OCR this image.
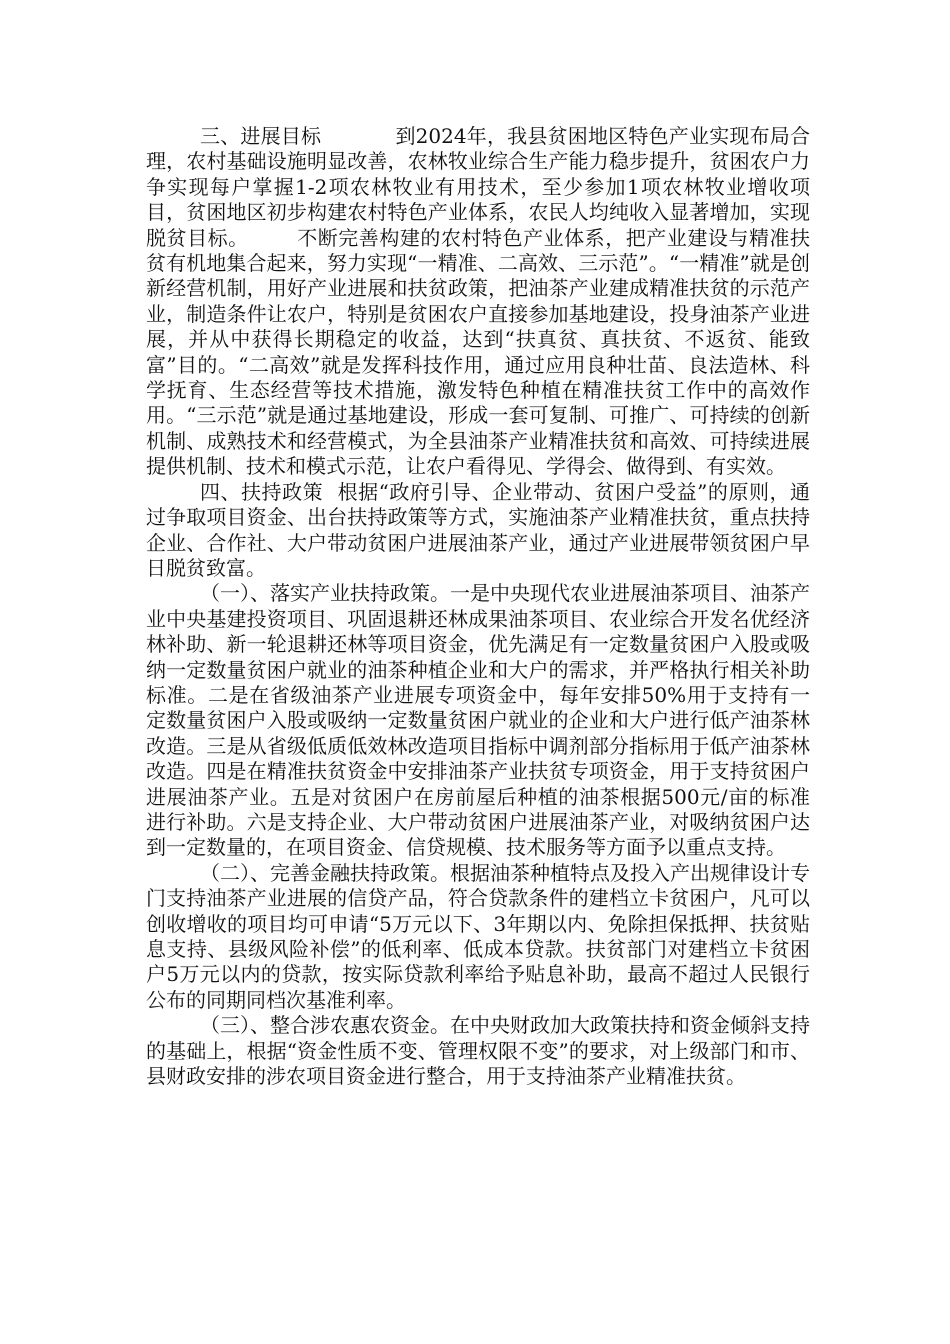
三、进展目标	到2024年，我县贫困地区特色产业实现布局合理，农村基础设施明显改善，农林牧业综合生产能力稳步提升，贫困农户力争实现每户掌握1-2项农林牧业有用技术，至少参加1项农林牧业增收项目，贫困地区初步构建农村特色产业体系，农民人均纯收入显著增加，实现脱贫目标。 不断完善构建的农村特色产业体系，把产业建设与精准扶贫有机地集合起来，努力实现“一精准、二高效、三示范”。“一精准”就是创新经营机制，用好产业进展和扶贫政策，把油茶产业建成精准扶贫的示范产业，制造条件让农户，特别是贫困农户直接参加基地建设，投身油茶产业进展，并从中获得长期稳定的收益，达到“扶真贫、真扶贫、不返贫、能致富”目的。“二高效”就是发挥科技作用，通过应用良种壮苗、良法造林、科学抚育、生态经营等技术措施，激发特色种植在精准扶贫工作中的高效作用。“三示范”就是通过基地建设，形成一套可复制、可推广、可持续的创新机制、成熟技术和经营模式，为全县油茶产业精准扶贫和高效、可持续进展提供机制、技术和模式示范，让农户看得见、学得会、做得到、有实效。

四、扶持政策 根据“政府引导、企业带动、贫困户受益”的原则，通过争取项目资金、出台扶持政策等方式，实施油茶产业精准扶贫，重点扶持企业、合作社、大户带动贫困户进展油茶产业，通过产业进展带领贫困户早日脱贫致富。

（一）、落实产业扶持政策。一是中央现代农业进展油茶项目、油茶产业中央基建投资项目、巩固退耕还林成果油茶项目、农业综合开发名优经济林补助、新一轮退耕还林等项目资金，优先满足有一定数量贫困户入股或吸纳一定数量贫困户就业的油茶种植企业和大户的需求，并严格执行相关补助标准。二是在省级油茶产业进展专项资金中，每年安排50%用于支持有一定数量贫困户入股或吸纳一定数量贫困户就业的企业和大户进行低产油茶林改造。三是从省级低质低效林改造项目指标中调剂部分指标用于低产油茶林改造。四是在精准扶贫资金中安排油茶产业扶贫专项资金，用于支持贫困户进展油茶产业。五是对贫困户在房前屋后种植的油茶根据500元/亩的标准进行补助。六是支持企业、大户带动贫困户进展油茶产业，对吸纳贫困户达到一定数量的，在项目资金、信贷规模、技术服务等方面予以重点支持。

（二）、完善金融扶持政策。根据油茶种植特点及投入产出规律设计专门支持油茶产业进展的信贷产品，符合贷款条件的建档立卡贫困户，凡可以创收增收的项目均可申请“5万元以下、3年期以内、免除担保抵押、扶贫贴息支持、县级风险补偿”的低利率、低成本贷款。扶贫部门对建档立卡贫困户5万元以内的贷款，按实际贷款利率给予贴息补助，最高不超过人民银行公布的同期同档次基准利率。

（三）、整合涉农惠农资金。在中央财政加大政策扶持和资金倾斜支持的基础上，根据“资金性质不变、管理权限不变”的要求，对上级部门和市、县财政安排的涉农项目资金进行整合，用于支持油茶产业精准扶贫。
